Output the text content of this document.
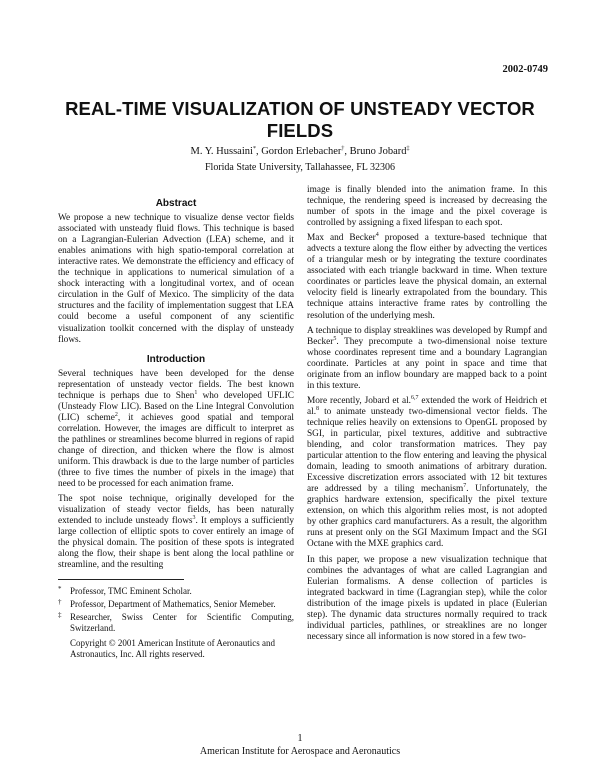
2002-0749
REAL-TIME VISUALIZATION OF UNSTEADY VECTOR FIELDS
M. Y. Hussaini*, Gordon Erlebacher†, Bruno Jobard‡
Florida State University, Tallahassee, FL 32306
Abstract

We propose a new technique to visualize dense vector fields associated with unsteady fluid flows. This technique is based on a Lagrangian-Eulerian Advection (LEA) scheme, and it enables animations with high spatio-temporal correlation at interactive rates. We demonstrate the efficiency and efficacy of the technique in applications to numerical simulation of a shock interacting with a longitudinal vortex, and of ocean circulation in the Gulf of Mexico. The simplicity of the data structures and the facility of implementation suggest that LEA could become a useful component of any scientific visualization toolkit concerned with the display of unsteady flows.

Introduction

Several techniques have been developed for the dense representation of unsteady vector fields. The best known technique is perhaps due to Shen$^1$ who developed UFLIC (Unsteady Flow LIC). Based on the Line Integral Convolution (LIC) scheme$^2$, it achieves good spatial and temporal correlation. However, the images are difficult to interpret as the pathlines or streamlines become blurred in regions of rapid change of direction, and thicken where the flow is almost uniform. This drawback is due to the large number of particles (three to five times the number of pixels in the image) that need to be processed for each animation frame.

The spot noise technique, originally developed for the visualization of steady vector fields, has been naturally extended to include unsteady flows$^3$. It employs a sufficiently large collection of elliptic spots to cover entirely an image of the physical domain. The position of these spots is integrated along the flow, their shape is bent along the local pathline or streamline, and the resulting

image is finally blended into the animation frame. In this technique, the rendering speed is increased by decreasing the number of spots in the image and the pixel coverage is controlled by assigning a fixed lifespan to each spot.

Max and Becker$^4$ proposed a texture-based technique that advects a texture along the flow either by advecting the vertices of a triangular mesh or by integrating the texture coordinates associated with each triangle backward in time. When texture coordinates or particles leave the physical domain, an external velocity field is linearly extrapolated from the boundary. This technique attains interactive frame rates by controlling the resolution of the underlying mesh.

A technique to display streaklines was developed by Rumpf and Becker$^5$. They precompute a two-dimensional noise texture whose coordinates represent time and a boundary Lagrangian coordinate. Particles at any point in space and time that originate from an inflow boundary are mapped back to a point in this texture.

More recently, Jobard et al.$^{6,7}$ extended the work of Heidrich et al.$^8$ to animate unsteady two-dimensional vector fields. The technique relies heavily on extensions to OpenGL proposed by SGI, in particular, pixel textures, additive and subtractive blending, and color transformation matrices. They pay particular attention to the flow entering and leaving the physical domain, leading to smooth animations of arbitrary duration. Excessive discretization errors associated with 12 bit textures are addressed by a tiling mechanism$^7$. Unfortunately, the graphics hardware extension, specifically the pixel texture extension, on which this algorithm relies most, is not adopted by other graphics card manufacturers. As a result, the algorithm runs at present only on the SGI Maximum Impact and the SGI Octane with the MXE graphics card.

In this paper, we propose a new visualization technique that combines the advantages of what are called Lagrangian and Eulerian formalisms. A dense collection of particles is integrated backward in time (Lagrangian step), while the color distribution of the image pixels is updated in place (Eulerian step). The dynamic data structures normally required to track individual particles, pathlines, or streaklines are no longer necessary since all information is now stored in a few two-

* Professor, TMC Eminent Scholar.
† Professor, Department of Mathematics, Senior Memeber.
‡ Researcher, Swiss Center for Scientific Computing, Switzerland.
Copyright © 2001 American Institute of Aeronautics and Astronautics, Inc. All rights reserved.
1
American Institute for Aerospace and Aeronautics
